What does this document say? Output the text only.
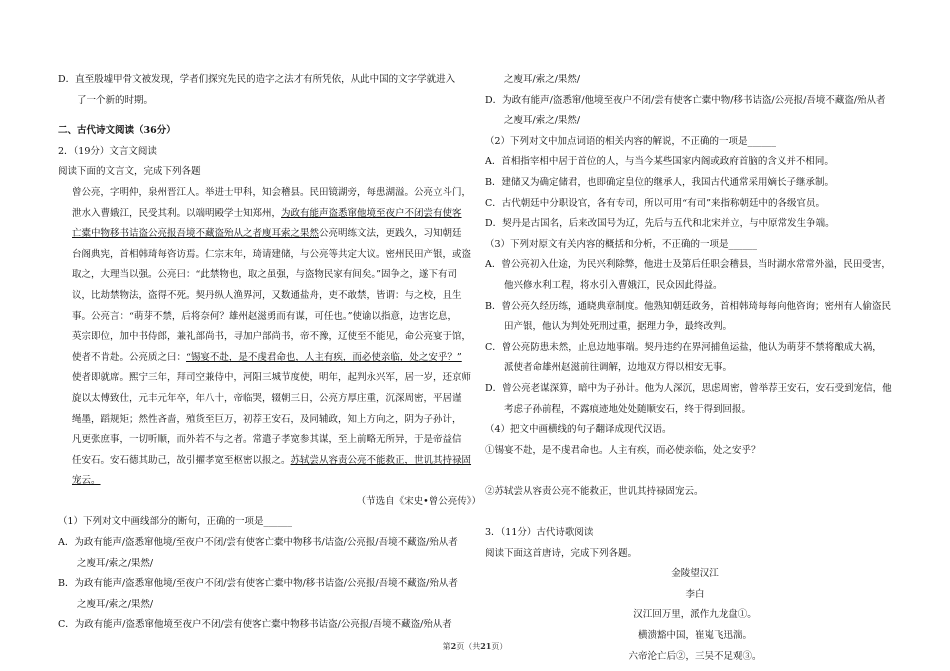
D．直至殷墟甲骨文被发现，学者们探究先民的造字之法才有所凭依，从此中国的文字学就进入
了一个新的时期。
二、古代诗文阅读（36分）
2．（19分）文言文阅读
阅读下面的文言文，完成下列各题
曾公亮，字明仲，泉州晋江人。举进士甲科，知会稽县。民田镜湖旁，每患湖溢。公亮立斗门，
泄水入曹娥江，民受其利。以端明殿学士知郑州，为政有能声盗悉窜他境至夜户不闭尝有使客
亡橐中物移书诘盗公亮报吾境不藏盗殆从之者廋耳索之果然公亮明练文法，更践久，习知朝廷
台阁典宪，首相韩琦每咨访焉。仁宗末年，琦请建储，与公亮等共定大议。密州民田产银，或盗
取之，大理当以强。公亮曰：“此禁物也，取之虽强，与盗物民家有间矣。”固争之，遂下有司
议，比劫禁物法，盗得不死。契丹纵人渔界河，又数通盐舟，吏不敢禁，皆谓：与之校，且生
事。公亮言：“萌芽不禁，后将奈何？雄州赵滋勇而有谋，可任也。”使谕以指意，边害讫息，
英宗即位，加中书侍郎，兼礼部尚书，寻加户部尚书，帝不豫，辽使至不能见，命公亮宴于馆，
使者不肯赴。公亮质之曰：“锡宴不赴，是不虔君命也，人主有疾，而必使亲临，处之安乎？”
使者即就席。熙宁三年，拜司空兼侍中，河阳三城节度使，明年，起判永兴军，居一岁，还京师
旋以太傅致仕，元丰元年卒，年八十，帝临哭，辍朝三日，公亮方厚庄重，沉深周密，平居谨
绳墨，蹈规矩；然性吝啬，殖货至巨万，初荐王安石，及同辅政，知上方向之，阴为子孙计，
凡更张庶事，一切听顺，而外若不与之者。常遣子孝宽参其谋，至上前略无所异，于是帝益信
任安石。安石德其助己，故引擢孝宽至枢密以报之。苏轼尝从容责公亮不能救正，世讥其持禄固
宠云。
（节选自《宋史•曾公亮传》）
（1）下列对文中画线部分的断句，正确的一项是______
A．为政有能声/盗悉窜他境/至夜户不闭/尝有使客亡橐中物移书/诘盗/公亮报/吾境不藏盗/殆从者
之廋耳/索之/果然/
B．为政有能声/盗悉窜他境/至夜户不闭/尝有使客亡橐中物/移书诘盗/公亮报/吾境不藏盗/殆从者
之廋耳/索之/果然/
C．为政有能声/盗悉窜他境至夜户不闭/尝有使客亡橐中物移书诘盗/公亮报/吾境不藏盗/殆从者
之廋耳/索之/果然/
D．为政有能声/盗悉窜/他境至夜户不闭/尝有使客亡橐中物/移书诘盗/公亮报/吾境不藏盗/殆从者
之廋耳/索之/果然/
（2）下列对文中加点词语的相关内容的解说，不正确的一项是______
A．首相指宰相中居于首位的人，与当今某些国家内阁或政府首脑的含义并不相同。
B．建储又为确定储君，也即确定皇位的继承人，我国古代通常采用嫡长子继承制。
C．古代朝廷中分职设官，各有专司，所以可用“有司”来指称朝廷中的各级官员。
D．契丹是古国名，后来改国号为辽，先后与五代和北宋并立，与中原常发生争端。
（3）下列对原文有关内容的概括和分析，不正确的一项是______
A．曾公亮初入仕途，为民兴利除弊，他进士及第后任职会稽县，当时湖水常常外溢，民田受害，
他兴修水利工程，将水引入曹娥江，民众因此得益。
B．曾公亮久经历练，通晓典章制度。他熟知朝廷政务，首相韩琦每每向他咨询；密州有人偷盗民
田产银，他认为判处死刑过重，据理力争，最终改判。
C．曾公亮防患未然，止息边地事端。契丹违约在界河捕鱼运盐，他认为萌芽不禁将酿成大祸，
派使者命雄州赵滋前往调解，边地双方得以相安无事。
D．曾公亮老谋深算，暗中为子孙计。他为人深沉，思虑周密，曾举荐王安石，安石受到宠信，他
考虑子孙前程，不露痕迹地处处随顺安石，终于得到回报。
（4）把文中画横线的句子翻译成现代汉语。
①锡宴不赴，是不虔君命也。人主有疾，而必使亲临，处之安乎？
②苏轼尝从容责公亮不能救正，世讥其持禄固宠云。
3．（11分）古代诗歌阅读
阅读下面这首唐诗，完成下列各题。
金陵望汉江
李白
汉江回万里，派作九龙盘①。
横溃豁中国，崔嵬飞迅湍。
六帝沦亡后②，三吴不足观③。
第2页（共21页）
